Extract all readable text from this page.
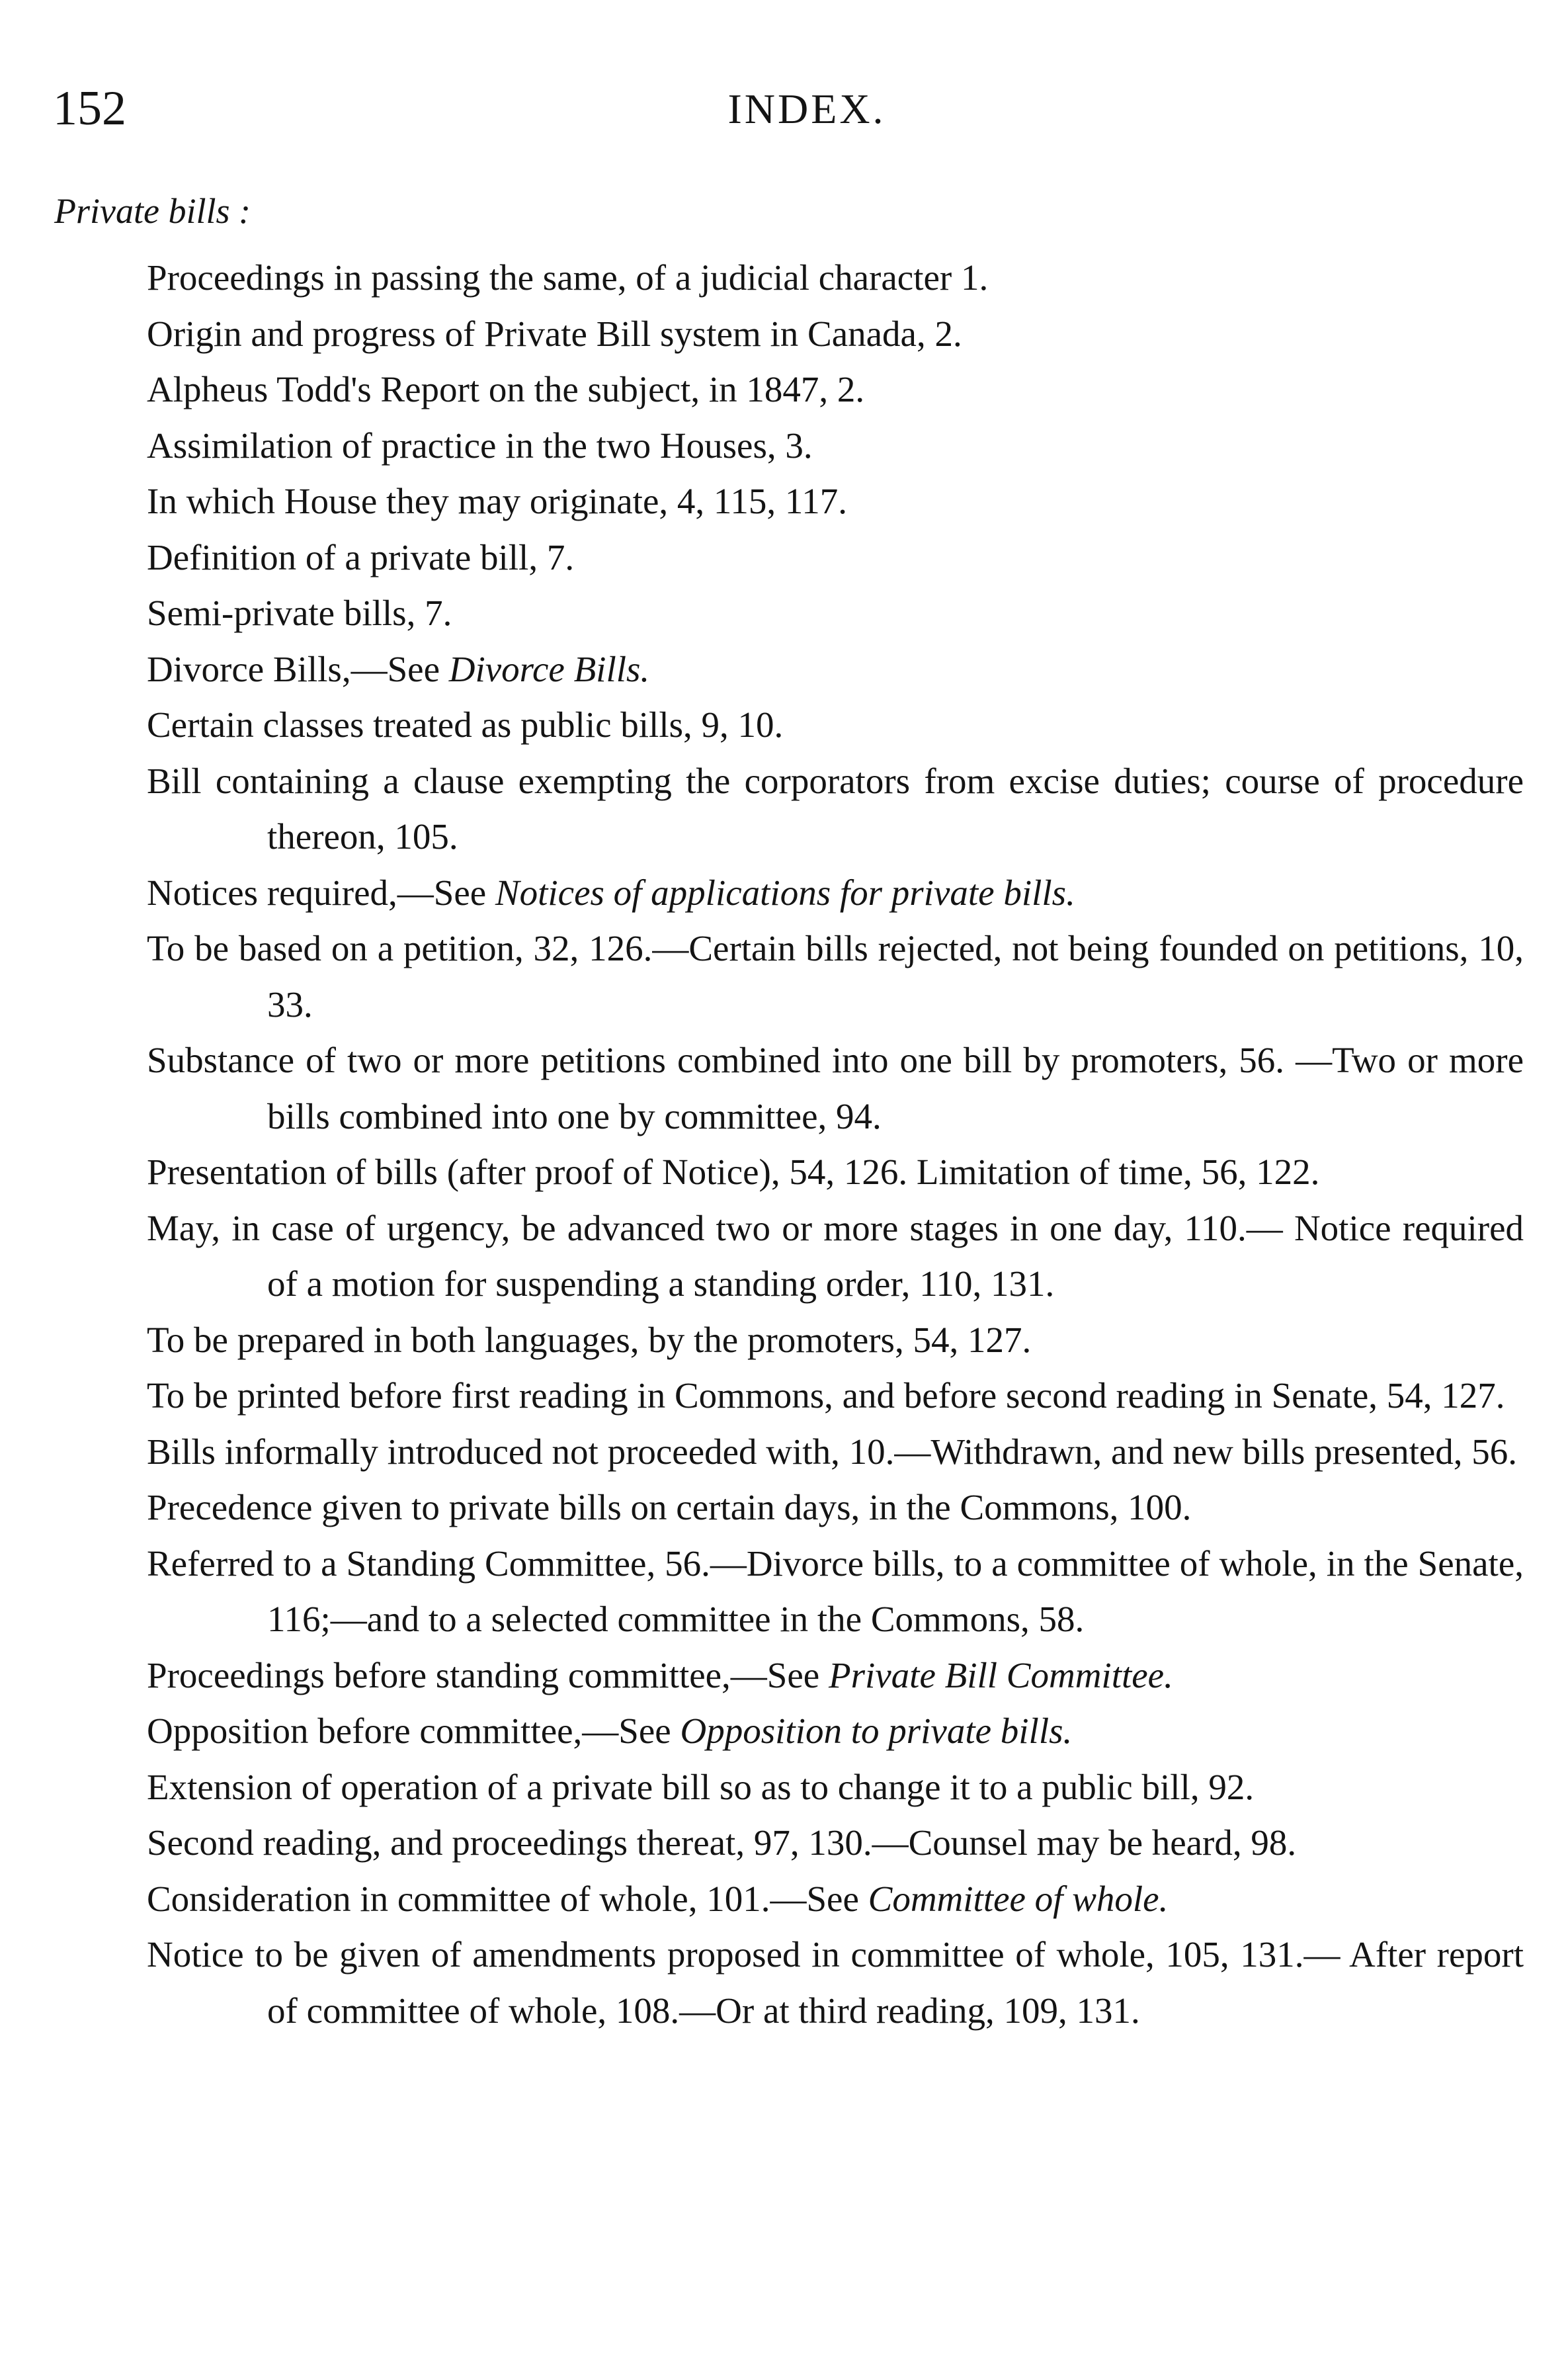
152	INDEX.
Private bills :
Proceedings in passing the same, of a judicial character 1.
Origin and progress of Private Bill system in Canada, 2.
Alpheus Todd's Report on the subject, in 1847, 2.
Assimilation of practice in the two Houses, 3.
In which House they may originate, 4, 115, 117.
Definition of a private bill, 7.
Semi-private bills, 7.
Divorce Bills,—See Divorce Bills.
Certain classes treated as public bills, 9, 10.
Bill containing a clause exempting the corporators from excise duties; course of procedure thereon, 105.
Notices required,—See Notices of applications for private bills.
To be based on a petition, 32, 126.—Certain bills rejected, not being founded on petitions, 10, 33.
Substance of two or more petitions combined into one bill by promoters, 56. —Two or more bills combined into one by committee, 94.
Presentation of bills (after proof of Notice), 54, 126. Limitation of time, 56, 122.
May, in case of urgency, be advanced two or more stages in one day, 110.— Notice required of a motion for suspending a standing order, 110, 131.
To be prepared in both languages, by the promoters, 54, 127.
To be printed before first reading in Commons, and before second reading in Senate, 54, 127.
Bills informally introduced not proceeded with, 10.—Withdrawn, and new bills presented, 56.
Precedence given to private bills on certain days, in the Commons, 100.
Referred to a Standing Committee, 56.—Divorce bills, to a committee of whole, in the Senate, 116;—and to a selected committee in the Commons, 58.
Proceedings before standing committee,—See Private Bill Committee.
Opposition before committee,—See Opposition to private bills.
Extension of operation of a private bill so as to change it to a public bill, 92.
Second reading, and proceedings thereat, 97, 130.—Counsel may be heard, 98.
Consideration in committee of whole, 101.—See Committee of whole.
Notice to be given of amendments proposed in committee of whole, 105, 131.— After report of committee of whole, 108.—Or at third reading, 109, 131.
